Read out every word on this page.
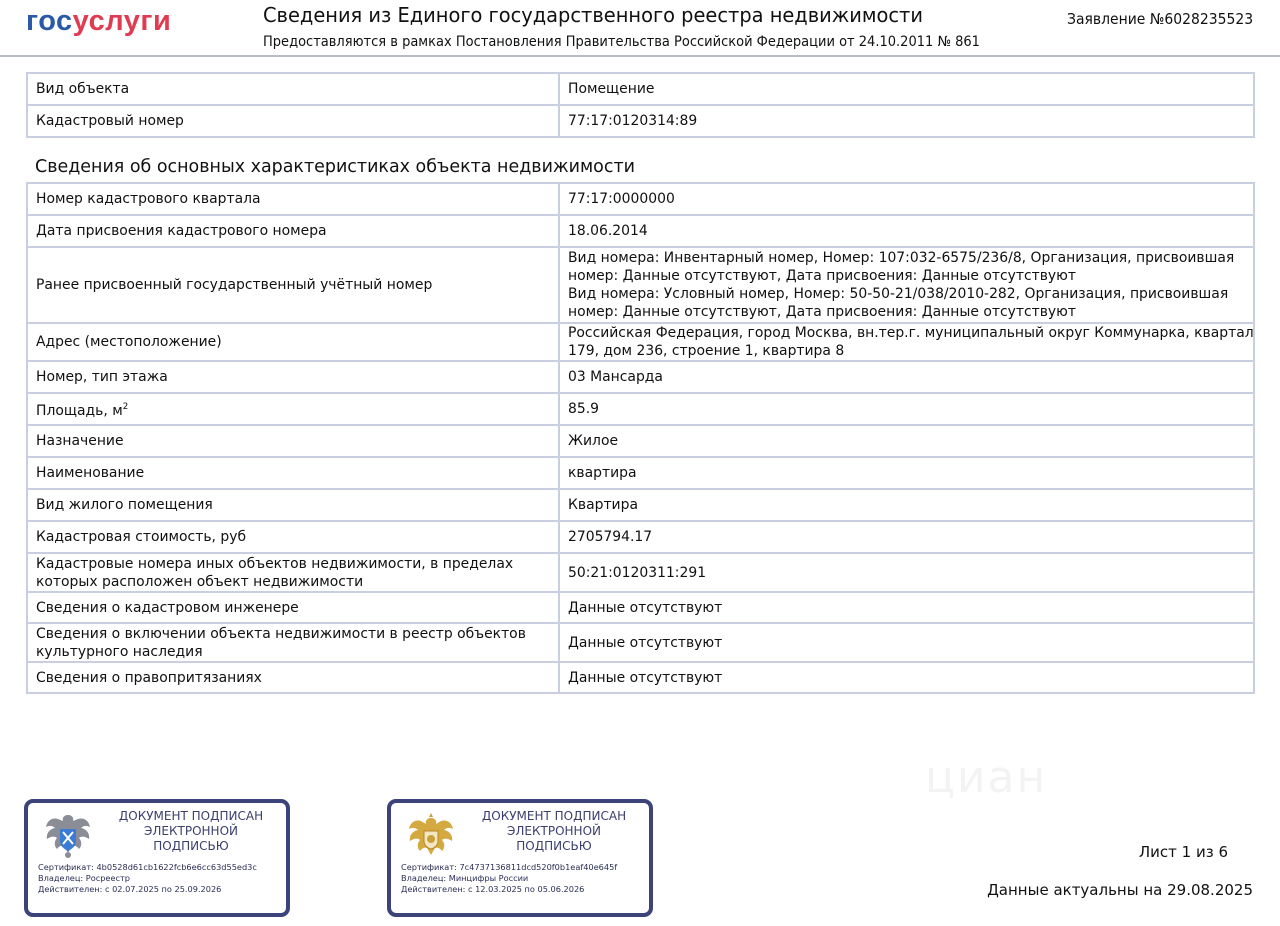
госуслуги	Сведения из Единого государственного реестра недвижимости
Предоставляются в рамках Постановления Правительства Российской Федерации от 24.10.2011 № 861
Заявление №6028235523
Вид объекта	Помещение
Кадастровый номер	77:17:0120314:89
Сведения об основных характеристиках объекта недвижимости
Номер кадастрового квартала	77:17:0000000
Дата присвоения кадастрового номера	18.06.2014
Ранее присвоенный государственный учётный номер	Вид номера: Инвентарный номер, Номер: 107:032-6575/236/8, Организация, присвоившая
номер: Данные отсутствуют, Дата присвоения: Данные отсутствуют
Вид номера: Условный номер, Номер: 50-50-21/038/2010-282, Организация, присвоившая
номер: Данные отсутствуют, Дата присвоения: Данные отсутствуют

Адрес (местоположение)	Российская Федерация, город Москва, вн.тер.г. муниципальный округ Коммунарка, квартал
179, дом 236, строение 1, квартира 8

Номер, тип этажа	03 Мансарда
Площадь, $м^2$	85.9
Назначение	Жилое
Наименование	квартира
Вид жилого помещения	Квартира
Кадастровая стоимость, руб	2705794.17

Кадастровые номера иных объектов недвижимости, в пределах
которых расположен объект недвижимости	50:21:0120311:291
Сведения о кадастровом инженере	Данные отсутствуют

Сведения о включении объекта недвижимости в реестр объектов
культурного наследия	Данные отсутствуют
Сведения о правопритязаниях	Данные отсутствуют
циан
ДОКУМЕНТ ПОДПИСАН
ЭЛЕКТРОННОЙ
ПОДПИСЬЮ
Сертификат: 4b0528d61cb1622fcb6e6cc63d55ed3c
Владелец: Росреестр
Действителен: с 02.07.2025 по 25.09.2026
ДОКУМЕНТ ПОДПИСАН
ЭЛЕКТРОННОЙ
ПОДПИСЬЮ
Сертификат: 7c4737136811dcd520f0b1eaf40e645f
Владелец: Минцифры России
Действителен: с 12.03.2025 по 05.06.2026
Лист 1 из 6
Данные актуальны на 29.08.2025
